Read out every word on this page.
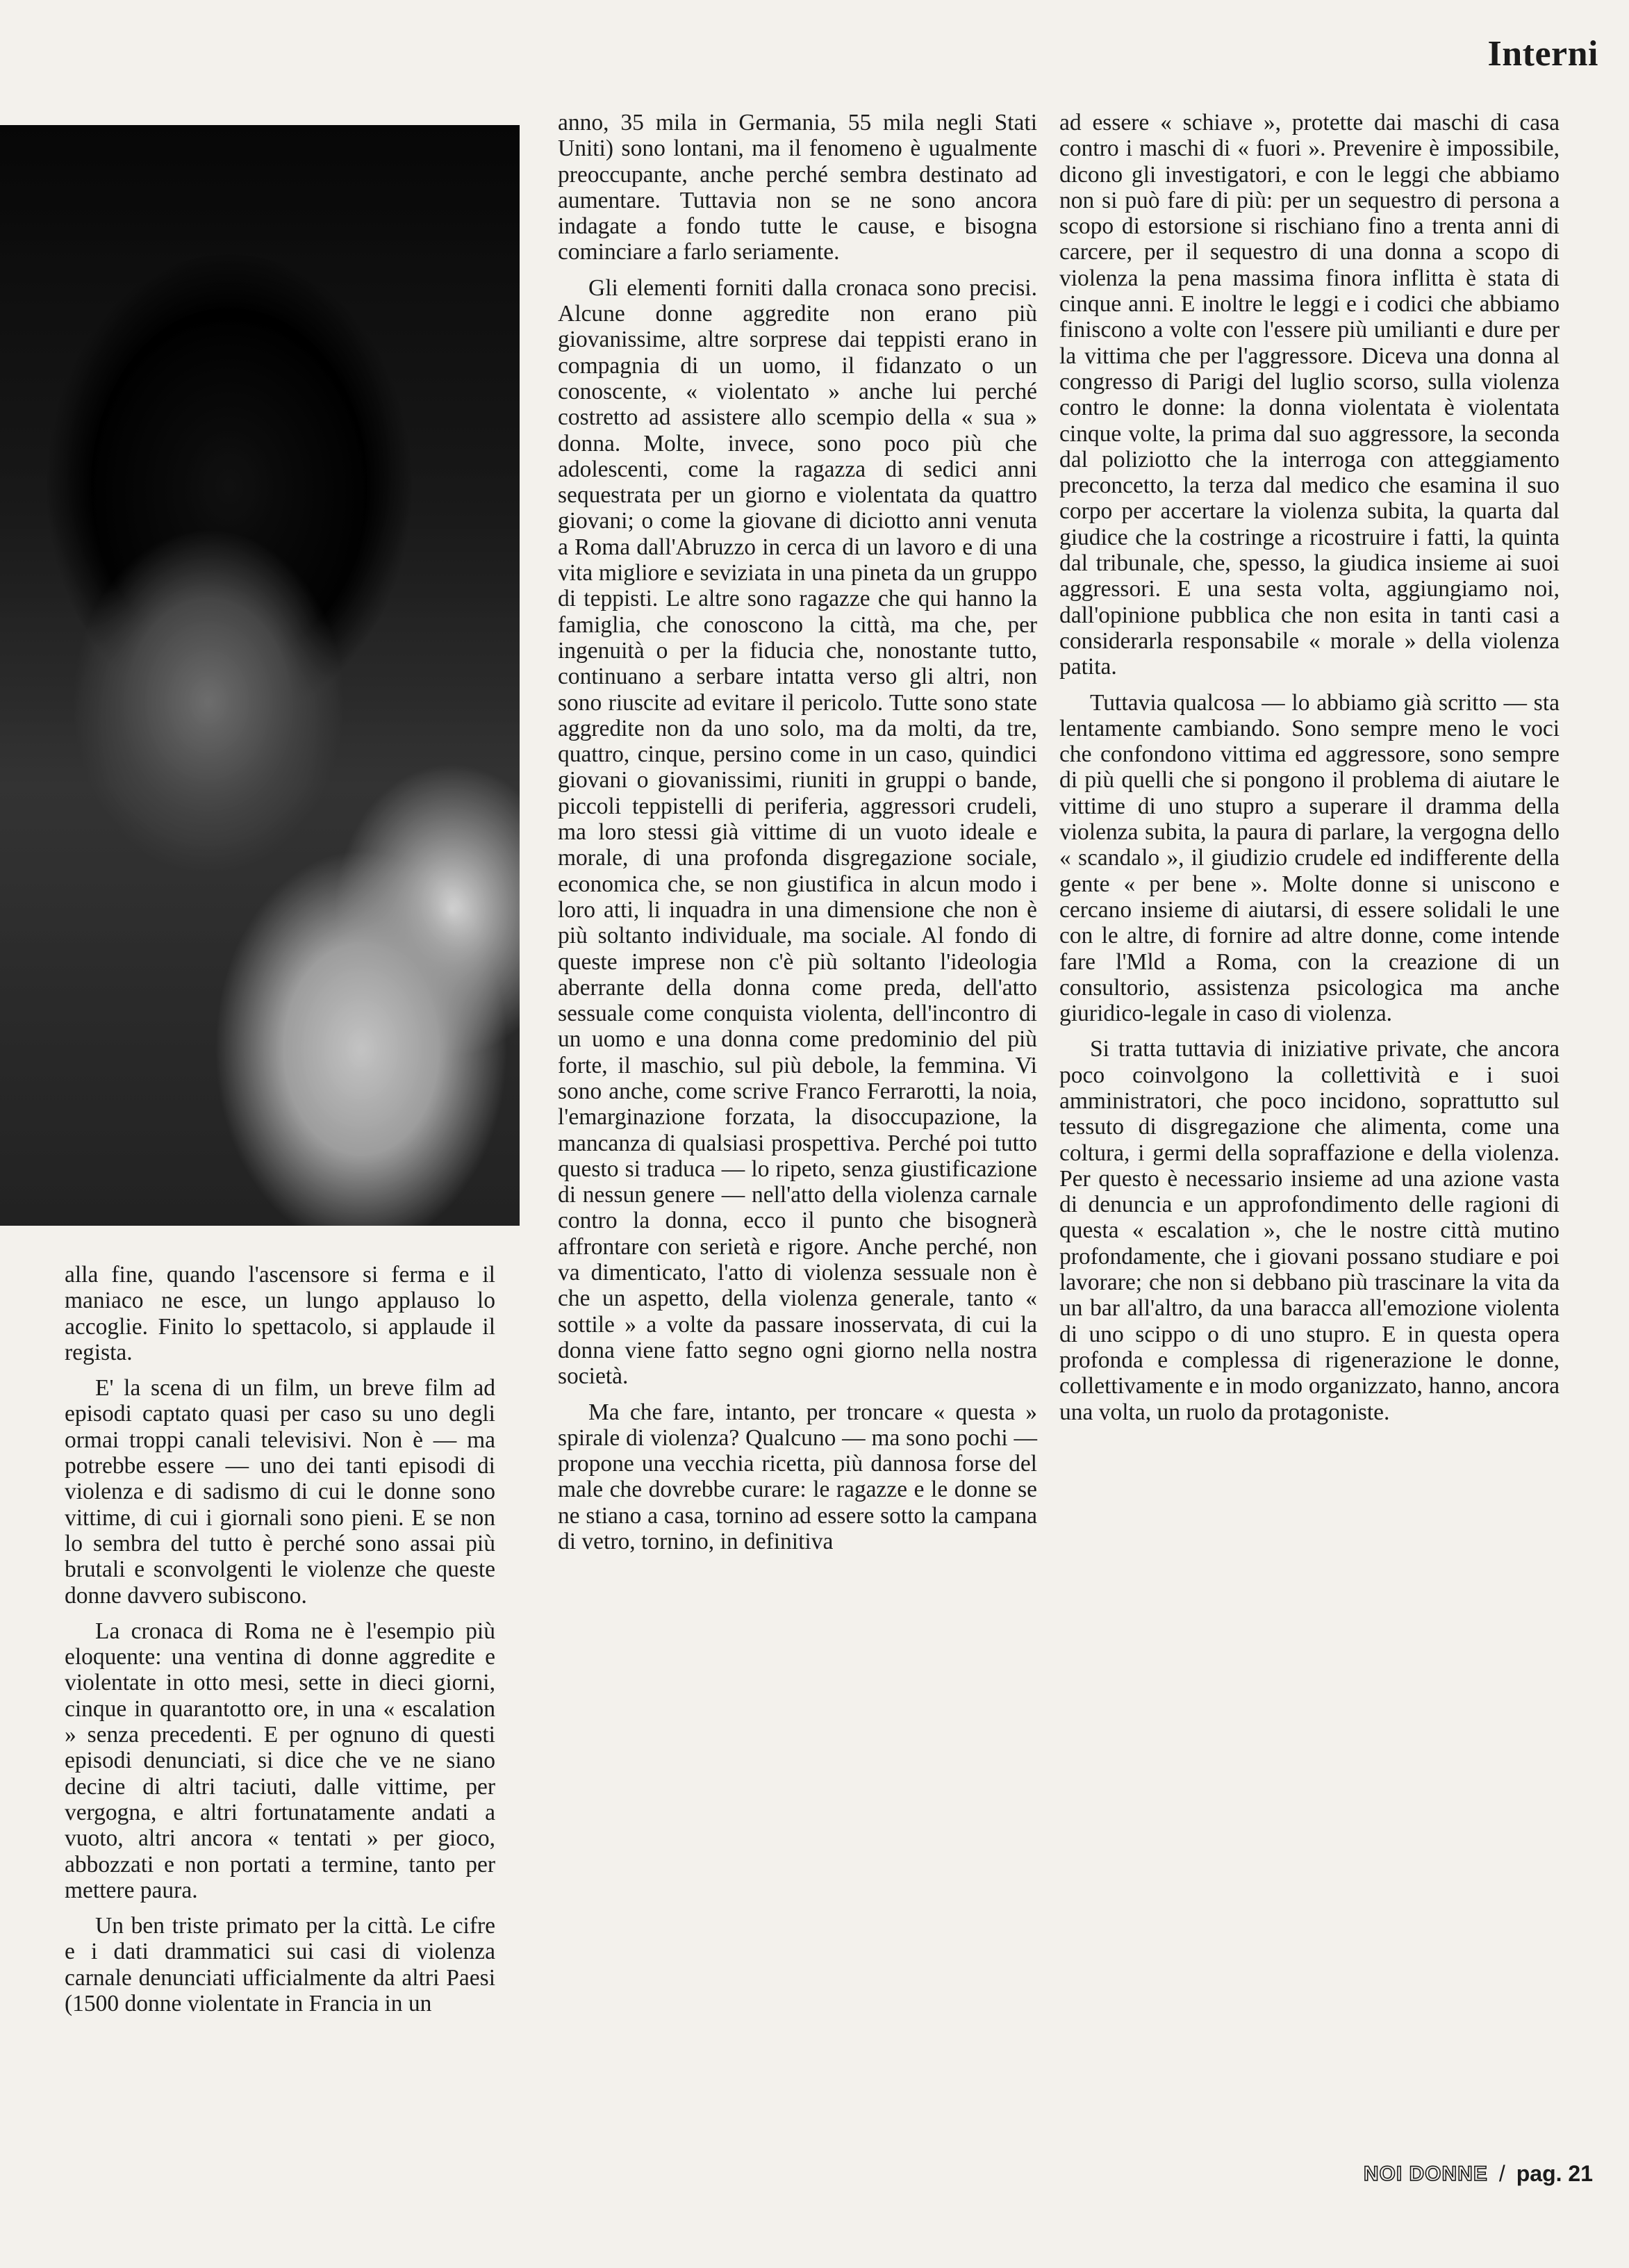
Interni

alla fine, quando l'ascensore si ferma e il maniaco ne esce, un lungo applauso lo accoglie. Finito lo spettacolo, si applaude il regista.

E' la scena di un film, un breve film ad episodi captato quasi per caso su uno degli ormai troppi canali televisivi. Non è — ma potrebbe essere — uno dei tanti episodi di violenza e di sadismo di cui le donne sono vittime, di cui i giornali sono pieni. E se non lo sembra del tutto è perché sono assai più brutali e sconvolgenti le violenze che queste donne davvero subiscono.

La cronaca di Roma ne è l'esempio più eloquente: una ventina di donne aggredite e violentate in otto mesi, sette in dieci giorni, cinque in quarantotto ore, in una « escalation » senza precedenti. E per ognuno di questi episodi denunciati, si dice che ve ne siano decine di altri taciuti, dalle vittime, per vergogna, e altri fortunatamente andati a vuoto, altri ancora « tentati » per gioco, abbozzati e non portati a termine, tanto per mettere paura.

Un ben triste primato per la città. Le cifre e i dati drammatici sui casi di violenza carnale denunciati ufficialmente da altri Paesi (1500 donne violentate in Francia in un

anno, 35 mila in Germania, 55 mila negli Stati Uniti) sono lontani, ma il fenomeno è ugualmente preoccupante, anche perché sembra destinato ad aumentare. Tuttavia non se ne sono ancora indagate a fondo tutte le cause, e bisogna cominciare a farlo seriamente.

Gli elementi forniti dalla cronaca sono precisi. Alcune donne aggredite non erano più giovanissime, altre sorprese dai teppisti erano in compagnia di un uomo, il fidanzato o un conoscente, « violentato » anche lui perché costretto ad assistere allo scempio della « sua » donna. Molte, invece, sono poco più che adolescenti, come la ragazza di sedici anni sequestrata per un giorno e violentata da quattro giovani; o come la giovane di diciotto anni venuta a Roma dall'Abruzzo in cerca di un lavoro e di una vita migliore e seviziata in una pineta da un gruppo di teppisti. Le altre sono ragazze che qui hanno la famiglia, che conoscono la città, ma che, per ingenuità o per la fiducia che, nonostante tutto, continuano a serbare intatta verso gli altri, non sono riuscite ad evitare il pericolo. Tutte sono state aggredite non da uno solo, ma da molti, da tre, quattro, cinque, persino come in un caso, quindici giovani o giovanissimi, riuniti in gruppi o bande, piccoli teppistelli di periferia, aggressori crudeli, ma loro stessi già vittime di un vuoto ideale e morale, di una profonda disgregazione sociale, economica che, se non giustifica in alcun modo i loro atti, li inquadra in una dimensione che non è più soltanto individuale, ma sociale. Al fondo di queste imprese non c'è più soltanto l'ideologia aberrante della donna come preda, dell'atto sessuale come conquista violenta, dell'incontro di un uomo e una donna come predominio del più forte, il maschio, sul più debole, la femmina. Vi sono anche, come scrive Franco Ferrarotti, la noia, l'emarginazione forzata, la disoccupazione, la mancanza di qualsiasi prospettiva. Perché poi tutto questo si traduca — lo ripeto, senza giustificazione di nessun genere — nell'atto della violenza carnale contro la donna, ecco il punto che bisognerà affrontare con serietà e rigore. Anche perché, non va dimenticato, l'atto di violenza sessuale non è che un aspetto, della violenza generale, tanto « sottile » a volte da passare inosservata, di cui la donna viene fatto segno ogni giorno nella nostra società.

Ma che fare, intanto, per troncare « questa » spirale di violenza? Qualcuno — ma sono pochi — propone una vecchia ricetta, più dannosa forse del male che dovrebbe curare: le ragazze e le donne se ne stiano a casa, tornino ad essere sotto la campana di vetro, tornino, in definitiva

ad essere « schiave », protette dai maschi di casa contro i maschi di « fuori ». Prevenire è impossibile, dicono gli investigatori, e con le leggi che abbiamo non si può fare di più: per un sequestro di persona a scopo di estorsione si rischiano fino a trenta anni di carcere, per il sequestro di una donna a scopo di violenza la pena massima finora inflitta è stata di cinque anni. E inoltre le leggi e i codici che abbiamo finiscono a volte con l'essere più umilianti e dure per la vittima che per l'aggressore. Diceva una donna al congresso di Parigi del luglio scorso, sulla violenza contro le donne: la donna violentata è violentata cinque volte, la prima dal suo aggressore, la seconda dal poliziotto che la interroga con atteggiamento preconcetto, la terza dal medico che esamina il suo corpo per accertare la violenza subita, la quarta dal giudice che la costringe a ricostruire i fatti, la quinta dal tribunale, che, spesso, la giudica insieme ai suoi aggressori. E una sesta volta, aggiungiamo noi, dall'opinione pubblica che non esita in tanti casi a considerarla responsabile « morale » della violenza patita.

Tuttavia qualcosa — lo abbiamo già scritto — sta lentamente cambiando. Sono sempre meno le voci che confondono vittima ed aggressore, sono sempre di più quelli che si pongono il problema di aiutare le vittime di uno stupro a superare il dramma della violenza subita, la paura di parlare, la vergogna dello « scandalo », il giudizio crudele ed indifferente della gente « per bene ». Molte donne si uniscono e cercano insieme di aiutarsi, di essere solidali le une con le altre, di fornire ad altre donne, come intende fare l'Mld a Roma, con la creazione di un consultorio, assistenza psicologica ma anche giuridico-legale in caso di violenza.

Si tratta tuttavia di iniziative private, che ancora poco coinvolgono la collettività e i suoi amministratori, che poco incidono, soprattutto sul tessuto di disgregazione che alimenta, come una coltura, i germi della sopraffazione e della violenza. Per questo è necessario insieme ad una azione vasta di denuncia e un approfondimento delle ragioni di questa « escalation », che le nostre città mutino profondamente, che i giovani possano studiare e poi lavorare; che non si debbano più trascinare la vita da un bar all'altro, da una baracca all'emozione violenta di uno scippo o di uno stupro. E in questa opera profonda e complessa di rigenerazione le donne, collettivamente e in modo organizzato, hanno, ancora una volta, un ruolo da protagoniste.

NOI DONNE / pag. 21
